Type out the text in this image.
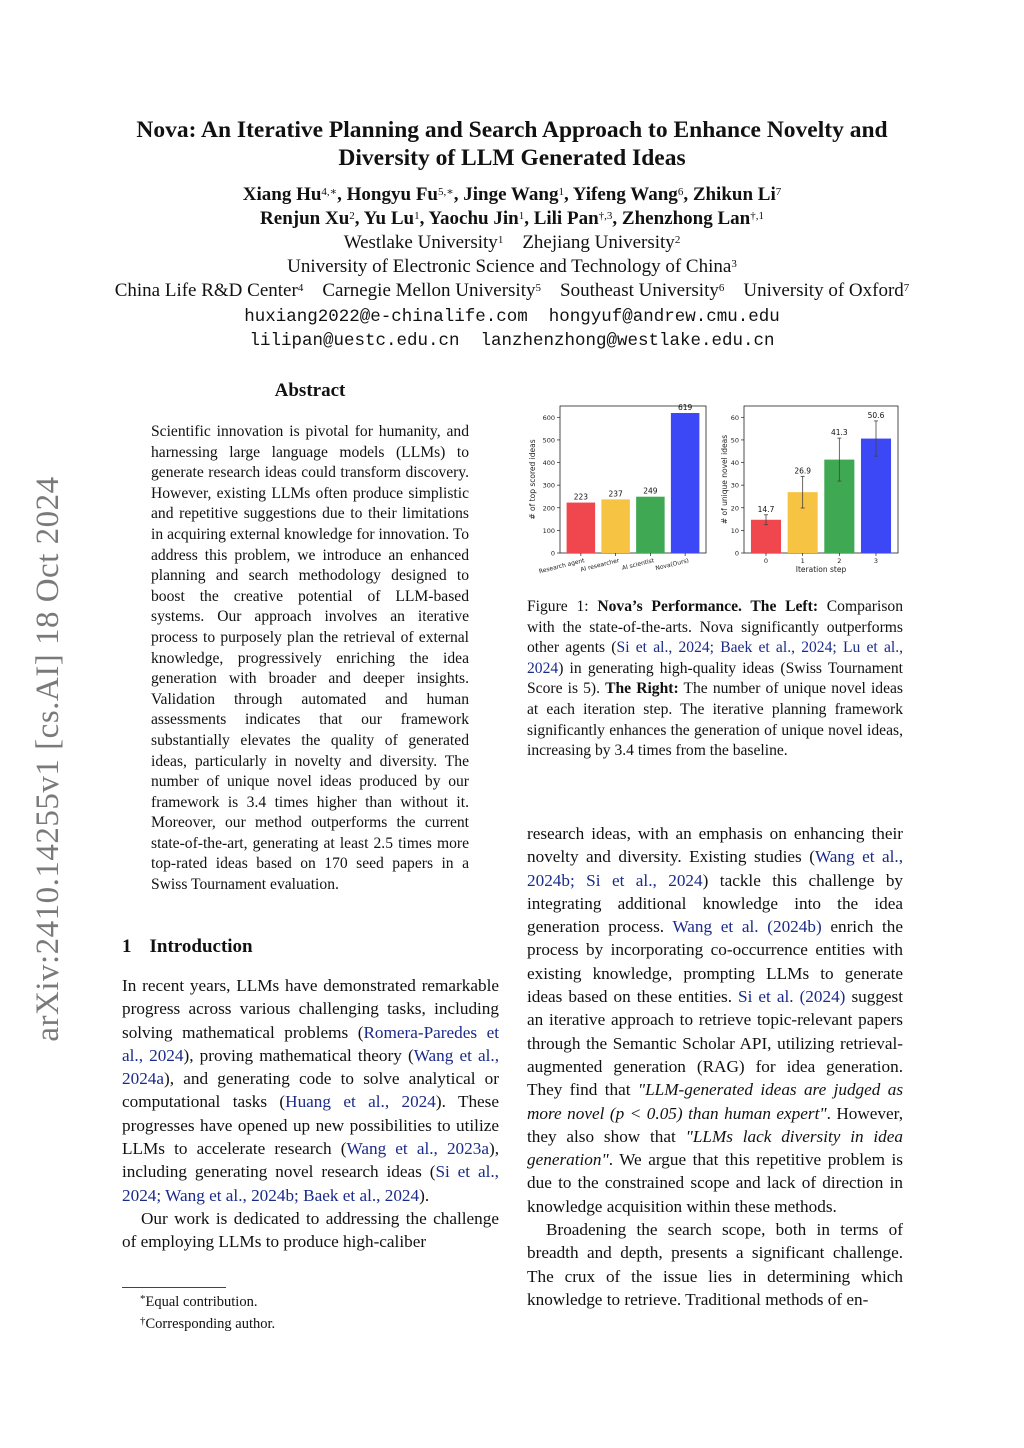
arXiv:2410.14255v1 [cs.AI] 18 Oct 2024
Nova: An Iterative Planning and Search Approach to Enhance Novelty and
Diversity of LLM Generated Ideas
Xiang $Hu^{4,∗}$, Hongyu $Fu^{5,∗}$, Jinge Wang$^1$, Yifeng Wang$^6$, Zhikun Li$^7$
Renjun Xu$^2$, Yu Lu$^1$, Yaochu Jin$^1$, Lili Pan$^{\dagger,3}$, Zhenzhong Lan$^{\dagger,1}$
Westlake University$^1$ Zhejiang University$^2$
University of Electronic Science and Technology of China$^3$
China Life R&D Center$^4$ Carnegie Mellon University$^5$ Southeast University$^6$ University of Oxford$^7$
huxiang2022@e-chinalife.com  hongyuf@andrew.cmu.edu
lilipan@uestc.edu.cn  lanzhenzhong@westlake.edu.cn
Abstract
Scientific innovation is pivotal for humanity, and harnessing large language models (LLMs) to generate research ideas could transform discovery. However, existing LLMs often produce simplistic and repetitive suggestions due to their limitations in acquiring external knowledge for innovation. To address this problem, we introduce an enhanced planning and search methodology designed to boost the creative potential of LLM-based systems. Our approach involves an iterative process to purposely plan the retrieval of external knowledge, progressively enriching the idea generation with broader and deeper insights. Validation through automated and human assessments indicates that our framework substantially elevates the quality of generated ideas, particularly in novelty and diversity. The number of unique novel ideas produced by our framework is 3.4 times higher than without it. Moreover, our method outperforms the current state-of-the-art, generating at least 2.5 times more top-rated ideas based on 170 seed papers in a Swiss Tournament evaluation.
1 Introduction

In recent years, LLMs have demonstrated remarkable progress across various challenging tasks, including solving mathematical problems (Romera-Paredes et al., 2024), proving mathematical theory (Wang et al., 2024a), and generating code to solve analytical or computational tasks (Huang et al., 2024). These progresses have opened up new possibilities to utilize LLMs to accelerate research (Wang et al., 2023a), including generating novel research ideas (Si et al., 2024; Wang et al., 2024b; Baek et al., 2024).

Our work is dedicated to addressing the challenge of employing LLMs to produce high-caliber

research ideas, with an emphasis on enhancing their novelty and diversity. Existing studies (Wang et al., 2024b; Si et al., 2024) tackle this challenge by integrating additional knowledge into the idea generation process. Wang et al. (2024b) enrich the process by incorporating co-occurrence entities with existing knowledge, prompting LLMs to generate ideas based on these entities. Si et al. (2024) suggest an iterative approach to retrieve topic-relevant papers through the Semantic Scholar API, utilizing retrieval-augmented generation (RAG) for idea generation. They find that "LLM-generated ideas are judged as more novel (p < 0.05) than human expert". However, they also show that "LLMs lack diversity in idea generation". We argue that this repetitive problem is due to the constrained scope and lack of direction in knowledge acquisition within these methods.

Broadening the search scope, both in terms of breadth and depth, presents a significant challenge. The crux of the issue lies in determining which knowledge to retrieve. Traditional methods of en-

0
100
200
300
400
500
600
223
Research agent
237
AI researcher
249
AI scientist
619
Nova(Ours)
# of top scored ideas
0
10
20
30
40
50
60
14.7
0
26.9
1
41.3
2
50.6
3
# of unique novel ideas
Iteration step
Figure 1: Nova’s Performance. The Left: Comparison with the state-of-the-arts. Nova significantly outperforms other agents (Si et al., 2024; Baek et al., 2024; Lu et al., 2024) in generating high-quality ideas (Swiss Tournament Score is 5). The Right: The number of unique novel ideas at each iteration step. The iterative planning framework significantly enhances the generation of unique novel ideas, increasing by 3.4 times from the baseline.
*Equal contribution.
†Corresponding author.
